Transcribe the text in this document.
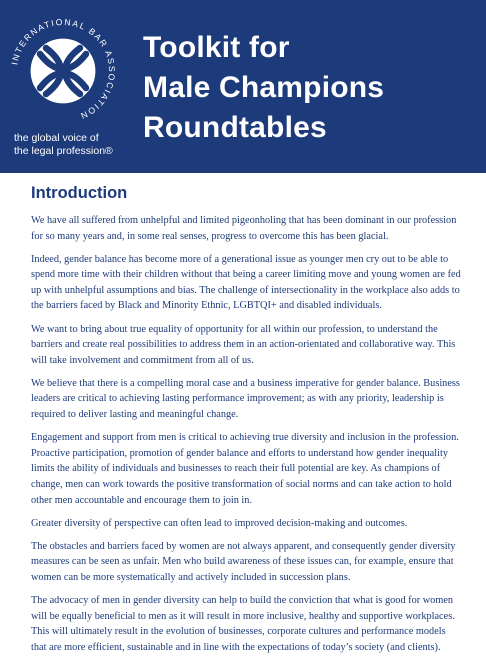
INTERNATIONAL BAR ASSOCIATION
the global voice of
the legal profession®
Toolkit for
Male Champions
Roundtables
Introduction

We have all suffered from unhelpful and limited pigeonholing that has been dominant in our profession for so many years and, in some real senses, progress to overcome this has been glacial.

Indeed, gender balance has become more of a generational issue as younger men cry out to be able to spend more time with their children without that being a career limiting move and young women are fed up with unhelpful assumptions and bias. The challenge of intersectionality in the workplace also adds to the barriers faced by Black and Minority Ethnic, LGBTQI+ and disabled individuals.

We want to bring about true equality of opportunity for all within our profession, to understand the barriers and create real possibilities to address them in an action-orientated and collaborative way. This will take involvement and commitment from all of us.

We believe that there is a compelling moral case and a business imperative for gender balance. Business leaders are critical to achieving lasting performance improvement; as with any priority, leadership is required to deliver lasting and meaningful change.

Engagement and support from men is critical to achieving true diversity and inclusion in the profession. Proactive participation, promotion of gender balance and efforts to understand how gender inequality limits the ability of individuals and businesses to reach their full potential are key. As champions of change, men can work towards the positive transformation of social norms and can take action to hold other men accountable and encourage them to join in.

Greater diversity of perspective can often lead to improved decision-making and outcomes.

The obstacles and barriers faced by women are not always apparent, and consequently gender diversity measures can be seen as unfair. Men who build awareness of these issues can, for example, ensure that women can be more systematically and actively included in succession plans.

The advocacy of men in gender diversity can help to build the conviction that what is good for women will be equally beneficial to men as it will result in more inclusive, healthy and supportive workplaces. This will ultimately result in the evolution of businesses, corporate cultures and performance models that are more efficient, sustainable and in line with the expectations of today’s society (and clients).
